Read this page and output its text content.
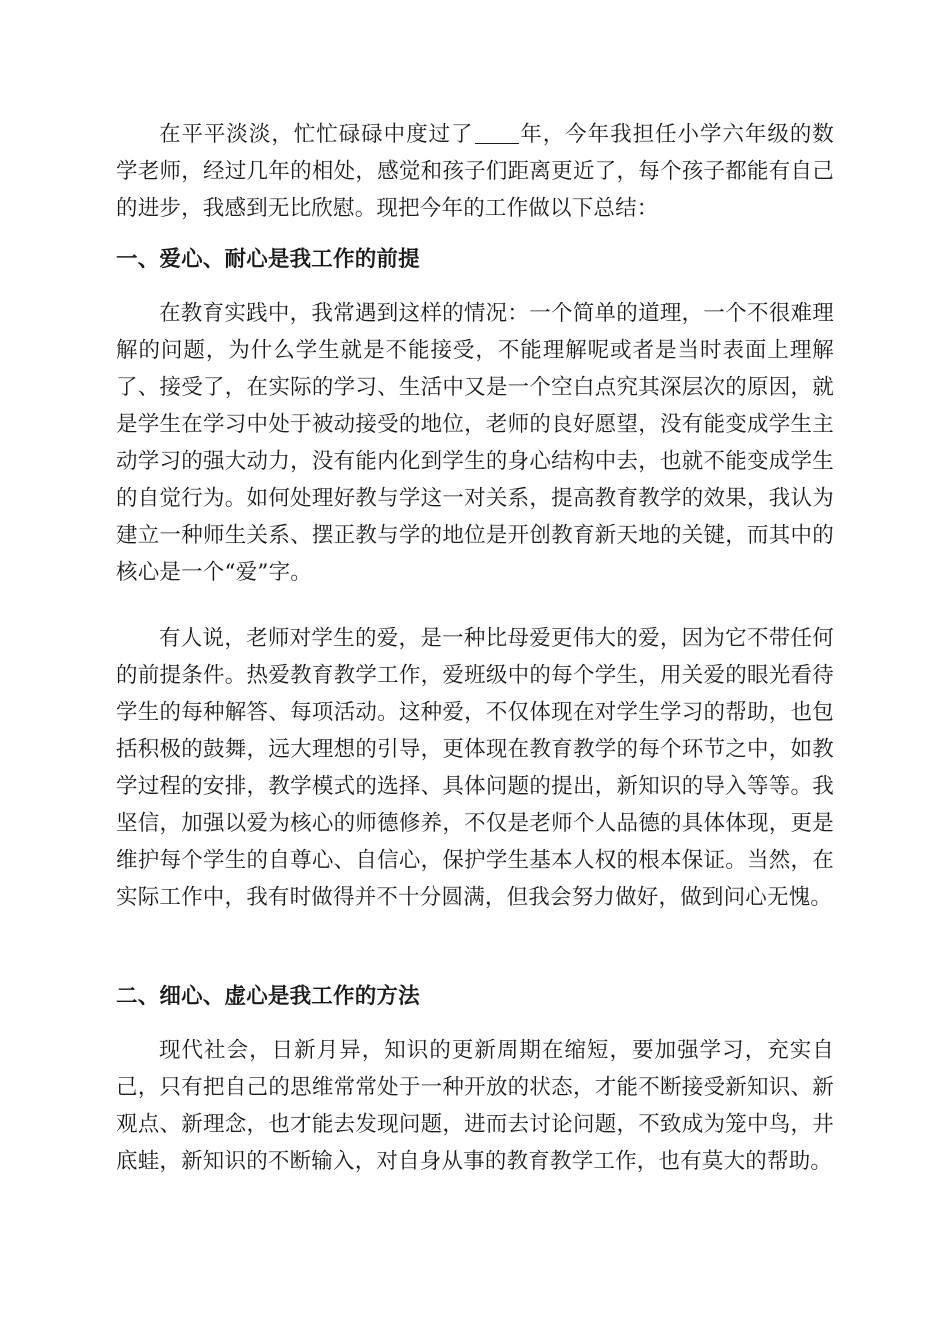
在平平淡淡，忙忙碌碌中度过了 年，今年我担任小学六年级的数学老师，经过几年的相处，感觉和孩子们距离更近了，每个孩子都能有自己的进步，我感到无比欣慰。现把今年的工作做以下总结：

一、爱心、耐心是我工作的前提

在教育实践中，我常遇到这样的情况：一个简单的道理，一个不很难理解的问题，为什么学生就是不能接受，不能理解呢或者是当时表面上理解了、接受了，在实际的学习、生活中又是一个空白点究其深层次的原因，就是学生在学习中处于被动接受的地位，老师的良好愿望，没有能变成学生主动学习的强大动力，没有能内化到学生的身心结构中去，也就不能变成学生的自觉行为。如何处理好教与学这一对关系，提高教育教学的效果，我认为建立一种师生关系、摆正教与学的地位是开创教育新天地的关键，而其中的核心是一个“爱”字。

有人说，老师对学生的爱，是一种比母爱更伟大的爱，因为它不带任何的前提条件。热爱教育教学工作，爱班级中的每个学生，用关爱的眼光看待学生的每种解答、每项活动。这种爱，不仅体现在对学生学习的帮助，也包括积极的鼓舞，远大理想的引导，更体现在教育教学的每个环节之中，如教学过程的安排，教学模式的选择、具体问题的提出，新知识的导入等等。我坚信，加强以爱为核心的师德修养，不仅是老师个人品德的具体体现，更是维护每个学生的自尊心、自信心，保护学生基本人权的根本保证。当然，在实际工作中，我有时做得并不十分圆满，但我会努力做好，做到问心无愧。

二、细心、虚心是我工作的方法

现代社会，日新月异，知识的更新周期在缩短，要加强学习，充实自己，只有把自己的思维常常处于一种开放的状态，才能不断接受新知识、新观点、新理念，也才能去发现问题，进而去讨论问题，不致成为笼中鸟，井底蛙，新知识的不断输入，对自身从事的教育教学工作，也有莫大的帮助。
